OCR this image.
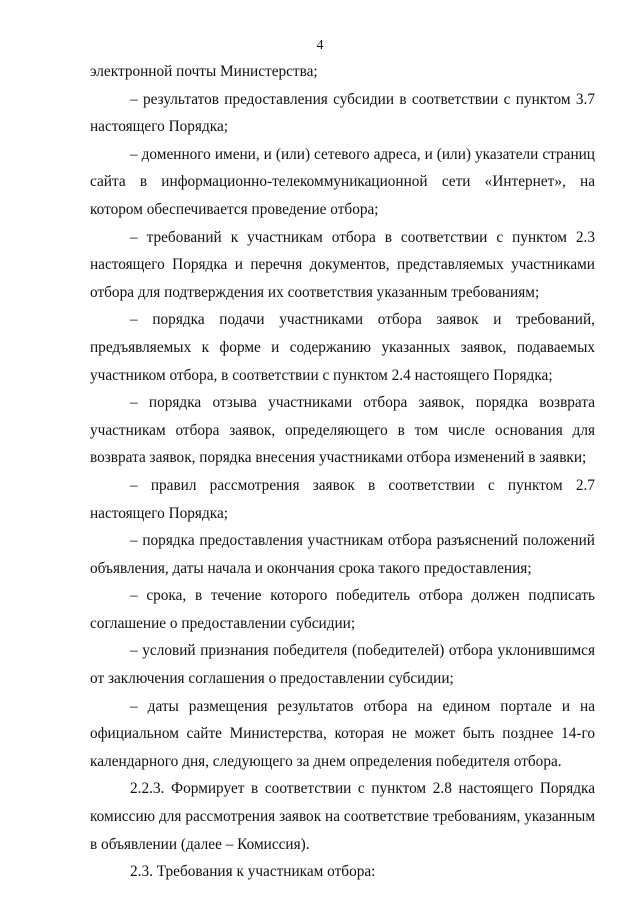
4

электронной почты Министерства;

– результатов предоставления субсидии в соответствии с пунктом 3.7 настоящего Порядка;

– доменного имени, и (или) сетевого адреса, и (или) указатели страниц сайта в информационно-телекоммуникационной сети «Интернет», на котором обеспечивается проведение отбора;

– требований к участникам отбора в соответствии с пунктом 2.3 настоящего Порядка и перечня документов, представляемых участниками отбора для подтверждения их соответствия указанным требованиям;

– порядка подачи участниками отбора заявок и требований, предъявляемых к форме и содержанию указанных заявок, подаваемых участником отбора, в соответствии с пунктом 2.4 настоящего Порядка;

– порядка отзыва участниками отбора заявок, порядка возврата участникам отбора заявок, определяющего в том числе основания для возврата заявок, порядка внесения участниками отбора изменений в заявки;

– правил рассмотрения заявок в соответствии с пунктом 2.7 настоящего Порядка;

– порядка предоставления участникам отбора разъяснений положений объявления, даты начала и окончания срока такого предоставления;

– срока, в течение которого победитель отбора должен подписать соглашение о предоставлении субсидии;

– условий признания победителя (победителей) отбора уклонившимся от заключения соглашения о предоставлении субсидии;

– даты размещения результатов отбора на едином портале и на официальном сайте Министерства, которая не может быть позднее 14-го календарного дня, следующего за днем определения победителя отбора.

2.2.3. Формирует в соответствии с пунктом 2.8 настоящего Порядка комиссию для рассмотрения заявок на соответствие требованиям, указанным в объявлении (далее – Комиссия).

2.3. Требования к участникам отбора:
